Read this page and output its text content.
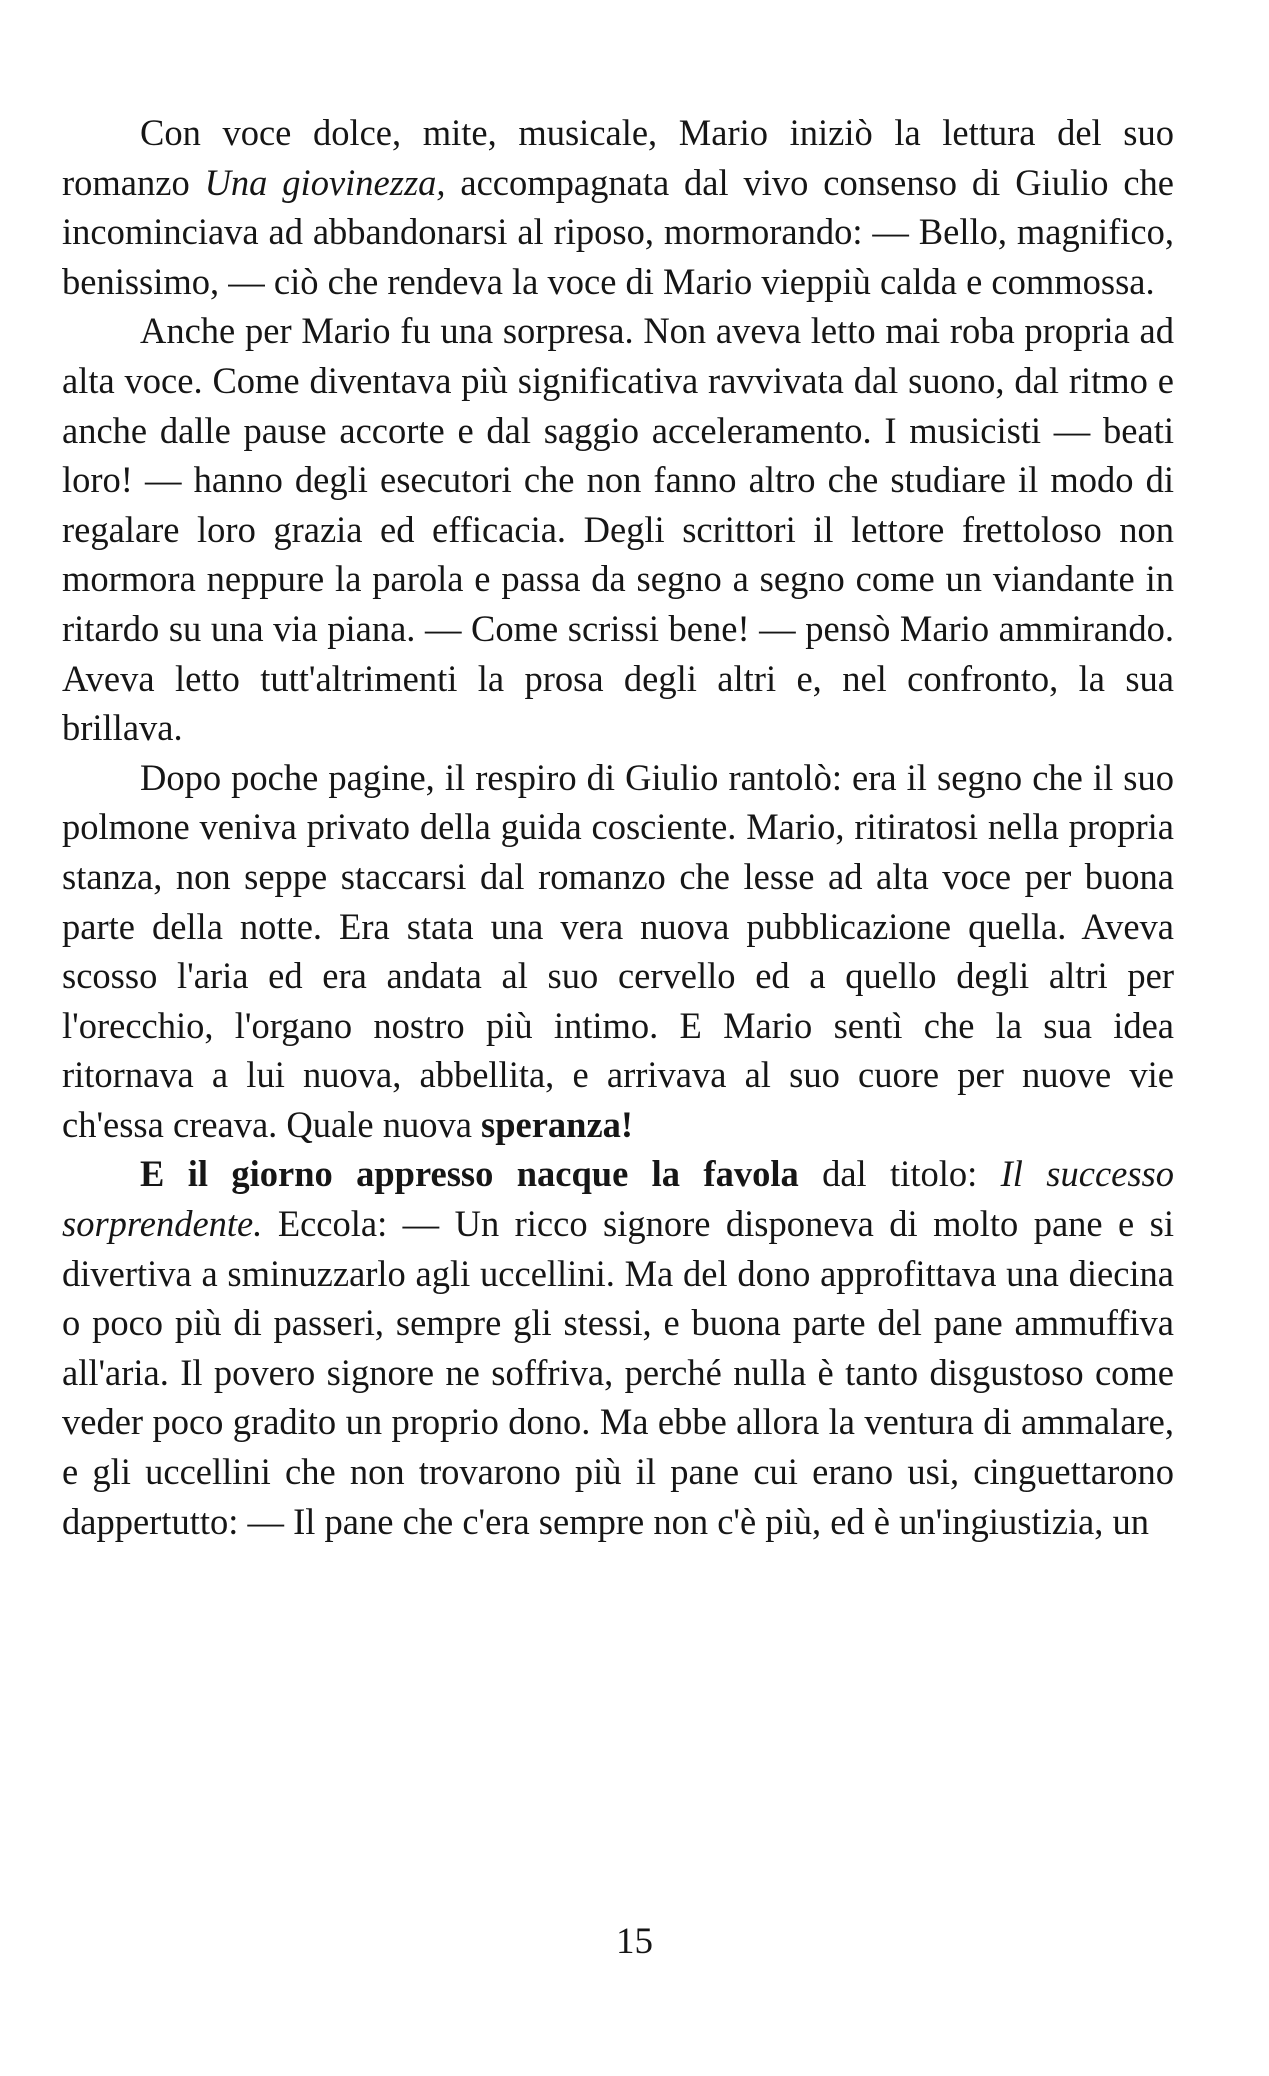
Con voce dolce, mite, musicale, Mario iniziò la lettura del suo romanzo Una giovinezza, accompagnata dal vivo consenso di Giulio che incominciava ad abbandonarsi al riposo, mormorando: — Bello, magnifico, benissimo, — ciò che rendeva la voce di Mario vieppiù calda e commossa.

Anche per Mario fu una sorpresa. Non aveva letto mai roba propria ad alta voce. Come diventava più significativa ravvivata dal suono, dal ritmo e anche dalle pause accorte e dal saggio acceleramento. I musicisti — beati loro! — hanno degli esecutori che non fanno altro che studiare il modo di regalare loro grazia ed efficacia. Degli scrittori il lettore frettoloso non mormora neppure la parola e passa da segno a segno come un viandante in ritardo su una via piana. — Come scrissi bene! — pensò Mario ammirando. Aveva letto tutt'altrimenti la prosa degli altri e, nel confronto, la sua brillava.

Dopo poche pagine, il respiro di Giulio rantolò: era il segno che il suo polmone veniva privato della guida cosciente. Mario, ritiratosi nella propria stanza, non seppe staccarsi dal romanzo che lesse ad alta voce per buona parte della notte. Era stata una vera nuova pubblicazione quella. Aveva scosso l'aria ed era andata al suo cervello ed a quello degli altri per l'orecchio, l'organo nostro più intimo. E Mario sentì che la sua idea ritornava a lui nuova, abbellita, e arrivava al suo cuore per nuove vie ch'essa creava. Quale nuova speranza!

E il giorno appresso nacque la favola dal titolo: Il successo sorprendente. Eccola: — Un ricco signore disponeva di molto pane e si divertiva a sminuzzarlo agli uccellini. Ma del dono approfittava una diecina o poco più di passeri, sempre gli stessi, e buona parte del pane ammuffiva all'aria. Il povero signore ne soffriva, perché nulla è tanto disgustoso come veder poco gradito un proprio dono. Ma ebbe allora la ventura di ammalare, e gli uccellini che non trovarono più il pane cui erano usi, cinguettarono dappertutto: — Il pane che c'era sempre non c'è più, ed è un'ingiustizia, un

15
